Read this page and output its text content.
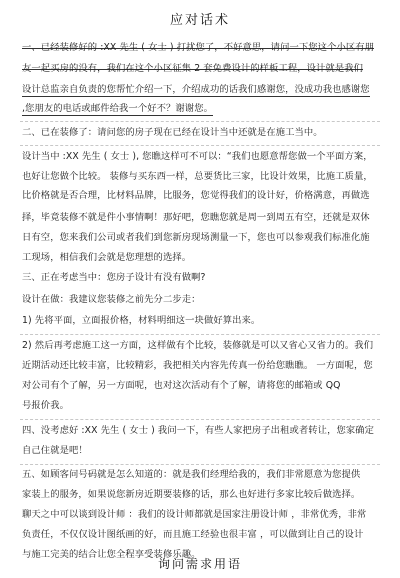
应对话术
一、已经装修好的 :XX 先生 ( 女士 ) 打扰您了，不好意思，请问一下您这个小区有朋
友一起买房的没有，我们在这个小区征集 2 套免费设计的样板工程，设计就是我们
设计总监亲自负责的您帮忙介绍一下，介绍成功的话我们感谢您，没成功我也感谢您
,您朋友的电话或邮件给我一个好不？谢谢您。
二、已在装修了：请问您的房子现在已经在设计当中还就是在施工当中。
设计当中 :XX 先生 ( 女士 ), 您瞧这样可不可以：“我们也愿意帮您做一个平面方案，
也好让您做个比较。 装修与买东西一样，总要货比三家，比设计效果，比施工质量，
比价格就是否合理，比材料品牌，比服务，您觉得我们的设计好，价格满意，再做选
择，毕竟装修不就是件小事情啊！那好吧，您瞧您就是周一到周五有空，还就是双休
日有空，您来我们公司或者我们到您新房现场测量一下，您也可以参观我们标准化施
工现场，相信我们会就是您理想的选择。
三、正在考虑当中：您房子设计有没有做啊?
设计在做：我建议您装修之前先分二步走：
1) 先将平面，立面报价格，材料明细这一块做好算出来。
2) 然后再考虑施工这一方面，这样做有个比较，装修就是可以又省心又省力的。我们
近期活动还比较丰富，比较精彩，我把相关内容先传真一份给您瞧瞧。 一方面呢，您
对公司有个了解，另一方面呢，也对这次活动有个了解，请将您的邮箱或 QQ
号报价我。
四、没考虑好 :XX 先生 ( 女士 ) 我问一下，有些人家把房子出租或者转让，您家确定
自己住就是吧！
五、如顾客问号码就是怎么知道的：就是我们经理给我的，我们非常愿意为您提供
家装上的服务，如果说您新房近期要装修的话，那么也好进行多家比较后做选择。
聊天之中可以谈到设计师 ：我们的设计师都就是国家注册设计师 ，非常优秀，非常
负责任，不仅仅设计图纸画的好，而且施工经验也很丰富 ，可以做到让自己的设计
与施工完美的结合让您全程享受装修乐趣。
询问需求用语
